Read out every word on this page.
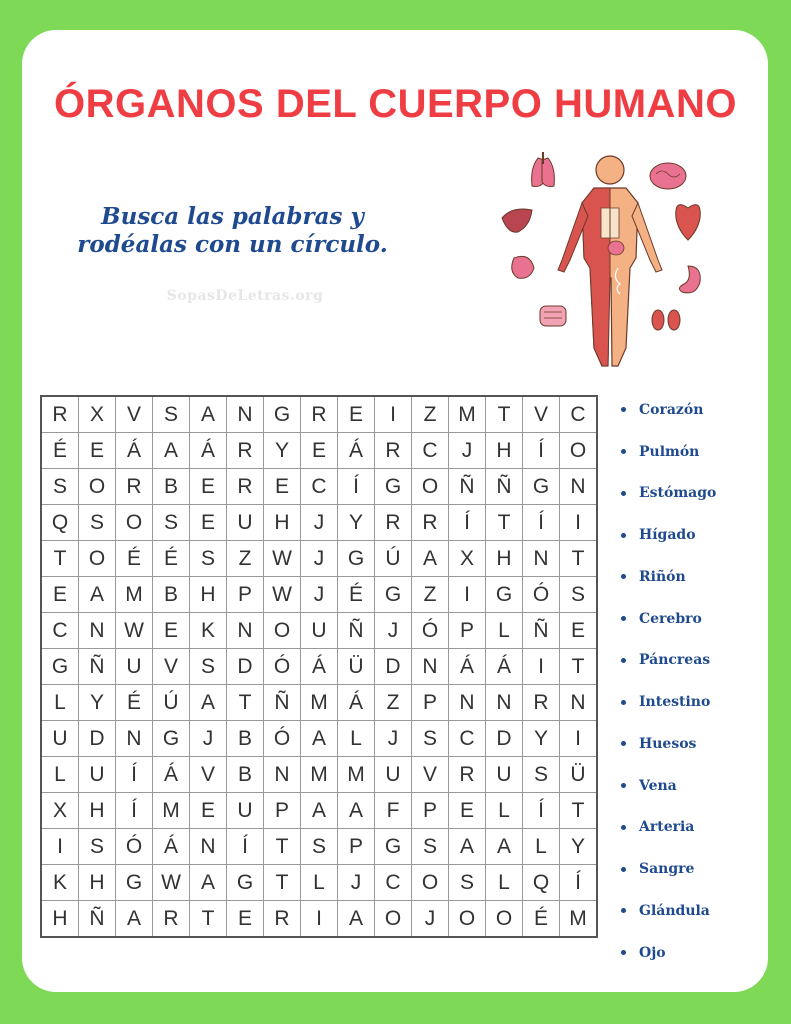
ÓRGANOS DEL CUERPO HUMANO
Busca las palabras y
rodéalas con un círculo.
SopasDeLetras.org
R	X	V	S	A	N	G	R	E	I	Z	M	T	V	C
É	E	Á	A	Á	R	Y	E	Á	R	C	J	H	Í	O
S	O	R	B	E	R	E	C	Í	G	O	Ñ	Ñ	G	N
Q	S	O	S	E	U	H	J	Y	R	R	Í	T	Í	I
T	O	É	É	S	Z	W	J	G	Ú	A	X	H	N	T
E	A	M	B	H	P	W	J	É	G	Z	I	G	Ó	S
C	N	W	E	K	N	O	U	Ñ	J	Ó	P	L	Ñ	E
G	Ñ	U	V	S	D	Ó	Á	Ü	D	N	Á	Á	I	T
L	Y	É	Ú	A	T	Ñ	M	Á	Z	P	N	N	R	N
U	D	N	G	J	B	Ó	A	L	J	S	C	D	Y	I
L	U	Í	Á	V	B	N	M	M	U	V	R	U	S	Ü
X	H	Í	M	E	U	P	A	A	F	P	E	L	Í	T
I	S	Ó	Á	N	Í	T	S	P	G	S	A	A	L	Y
K	H	G	W	A	G	T	L	J	C	O	S	L	Q	Í
H	Ñ	A	R	T	E	R	I	A	O	J	O	O	É	M
Corazón
Pulmón
Estómago
Hígado
Riñón
Cerebro
Páncreas
Intestino
Huesos
Vena
Arteria
Sangre
Glándula
Ojo
